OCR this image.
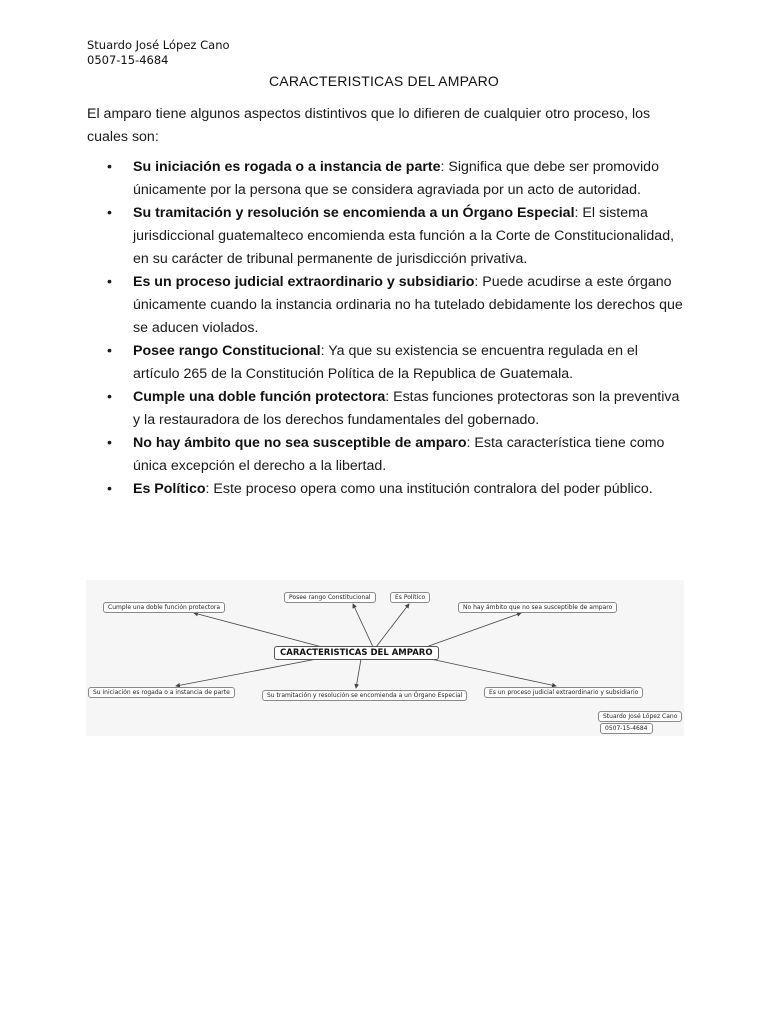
Stuardo José López Cano
0507-15-4684
CARACTERISTICAS DEL AMPARO
El amparo tiene algunos aspectos distintivos que lo difieren de cualquier otro proceso, los cuales son:
• Su iniciación es rogada o a instancia de parte: Significa que debe ser promovido únicamente por la persona que se considera agraviada por un acto de autoridad.
• Su tramitación y resolución se encomienda a un Órgano Especial: El sistema jurisdiccional guatemalteco encomienda esta función a la Corte de Constitucionalidad, en su carácter de tribunal permanente de jurisdicción privativa.
• Es un proceso judicial extraordinario y subsidiario: Puede acudirse a este órgano únicamente cuando la instancia ordinaria no ha tutelado debidamente los derechos que se aducen violados.
• Posee rango Constitucional: Ya que su existencia se encuentra regulada en el artículo 265 de la Constitución Política de la Republica de Guatemala.
• Cumple una doble función protectora: Estas funciones protectoras son la preventiva y la restauradora de los derechos fundamentales del gobernado.
• No hay ámbito que no sea susceptible de amparo: Esta característica tiene como única excepción el derecho a la libertad.
• Es Político: Este proceso opera como una institución contralora del poder público.
Cumple una doble función protectora
Posee rango Constitucional	Es Político
No hay ámbito que no sea susceptible de amparo
CARACTERISTICAS DEL AMPARO
Su iniciación es rogada o a instancia de parte	Su tramitación y resolución se encomienda a un Órgano Especial	Es un proceso judicial extraordinario y subsidiario
Stuardo José López Cano
0507-15-4684
